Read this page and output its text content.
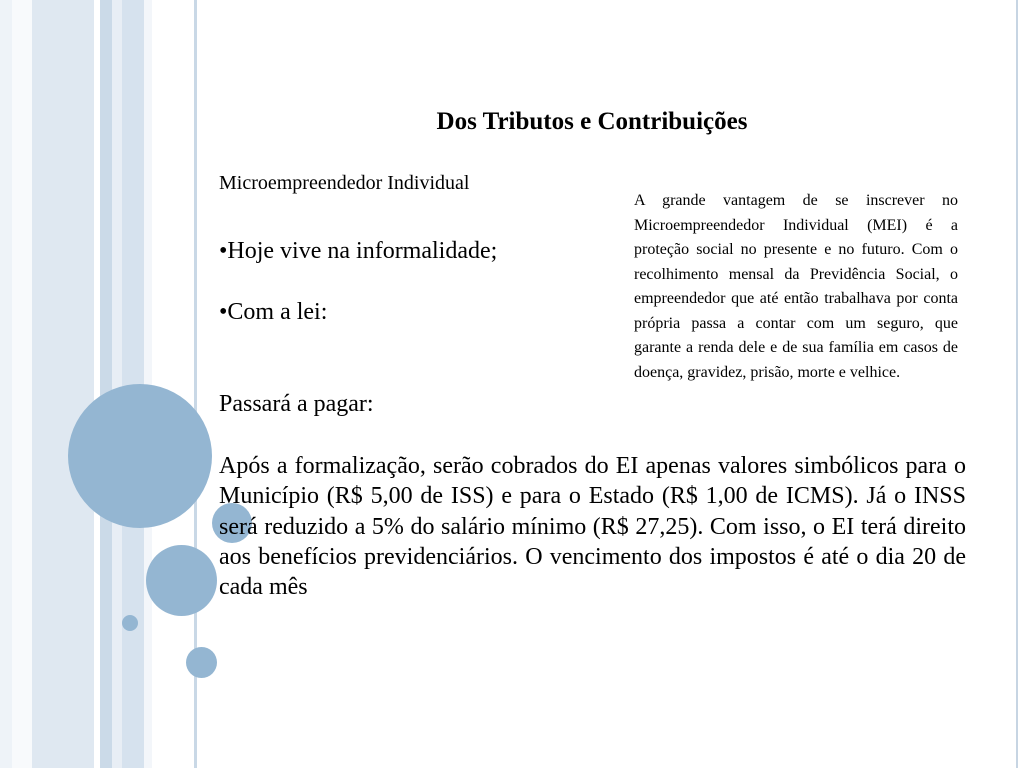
Dos Tributos e Contribuições
Microempreendedor Individual
•Hoje vive na informalidade;
•Com a lei:
A grande vantagem de se inscrever no Microempreendedor Individual (MEI) é a proteção social no presente e no futuro. Com o recolhimento mensal da Previdência Social, o empreendedor que até então trabalhava por conta própria passa a contar com um seguro, que garante a renda dele e de sua família em casos de doença, gravidez, prisão, morte e velhice.
Passará a pagar:
Após a formalização, serão cobrados do EI apenas valores simbólicos para o Município (R$ 5,00 de ISS) e para o Estado (R$ 1,00 de ICMS). Já o INSS será reduzido a 5% do salário mínimo (R$ 27,25). Com isso, o EI terá direito aos benefícios previdenciários. O vencimento dos impostos é até o dia 20 de cada mês
